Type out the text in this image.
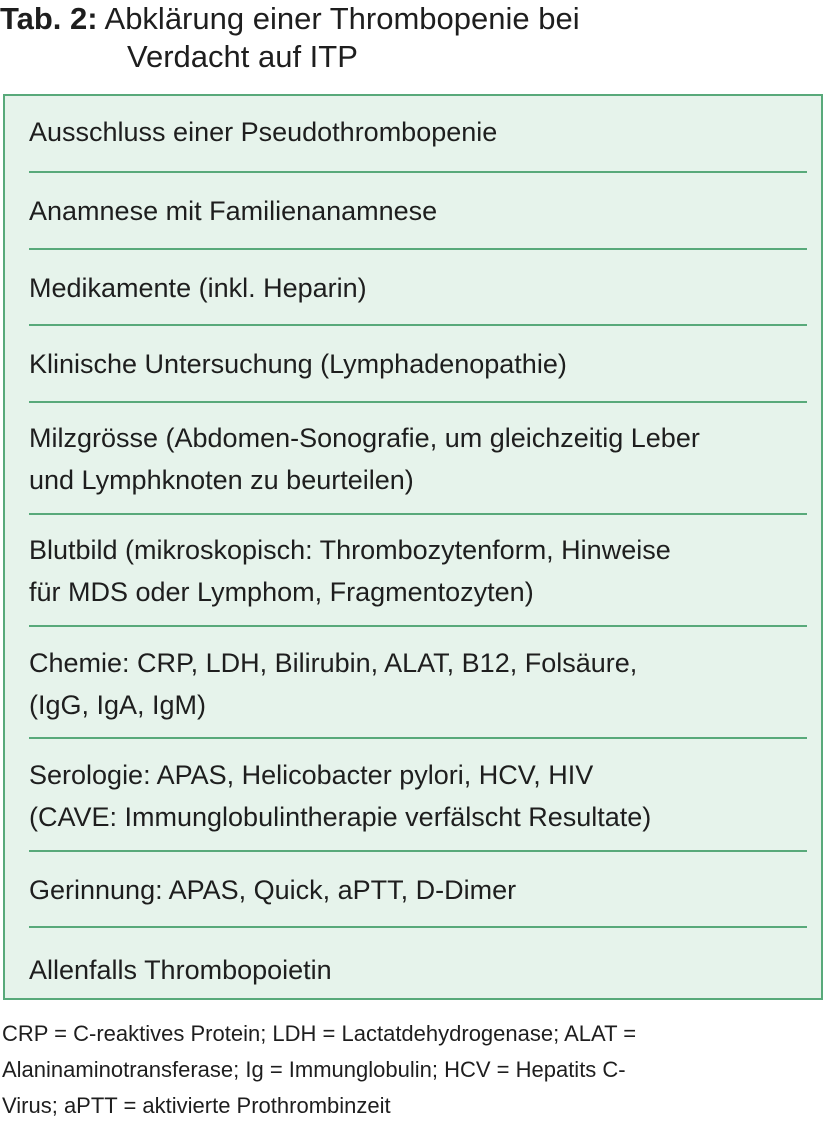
Tab. 2: Abklärung einer Thrombopenie bei
Verdacht auf ITP
Ausschluss einer Pseudothrombopenie
Anamnese mit Familienanamnese
Medikamente (inkl. Heparin)
Klinische Untersuchung (Lymphadenopathie)
Milzgrösse (Abdomen-Sonografie, um gleichzeitig Leber
und Lymphknoten zu beurteilen)
Blutbild (mikroskopisch: Thrombozytenform, Hinweise
für MDS oder Lymphom, Fragmentozyten)
Chemie: CRP, LDH, Bilirubin, ALAT, B12, Folsäure,
(IgG, IgA, IgM)
Serologie: APAS, Helicobacter pylori, HCV, HIV
(CAVE: Immunglobulintherapie verfälscht Resultate)
Gerinnung: APAS, Quick, aPTT, D-Dimer
Allenfalls Thrombopoietin
CRP = C-reaktives Protein; LDH = Lactatdehydrogenase; ALAT =
Alaninaminotransferase; Ig = Immunglobulin; HCV = Hepatits C-
Virus; aPTT = aktivierte Prothrombinzeit
